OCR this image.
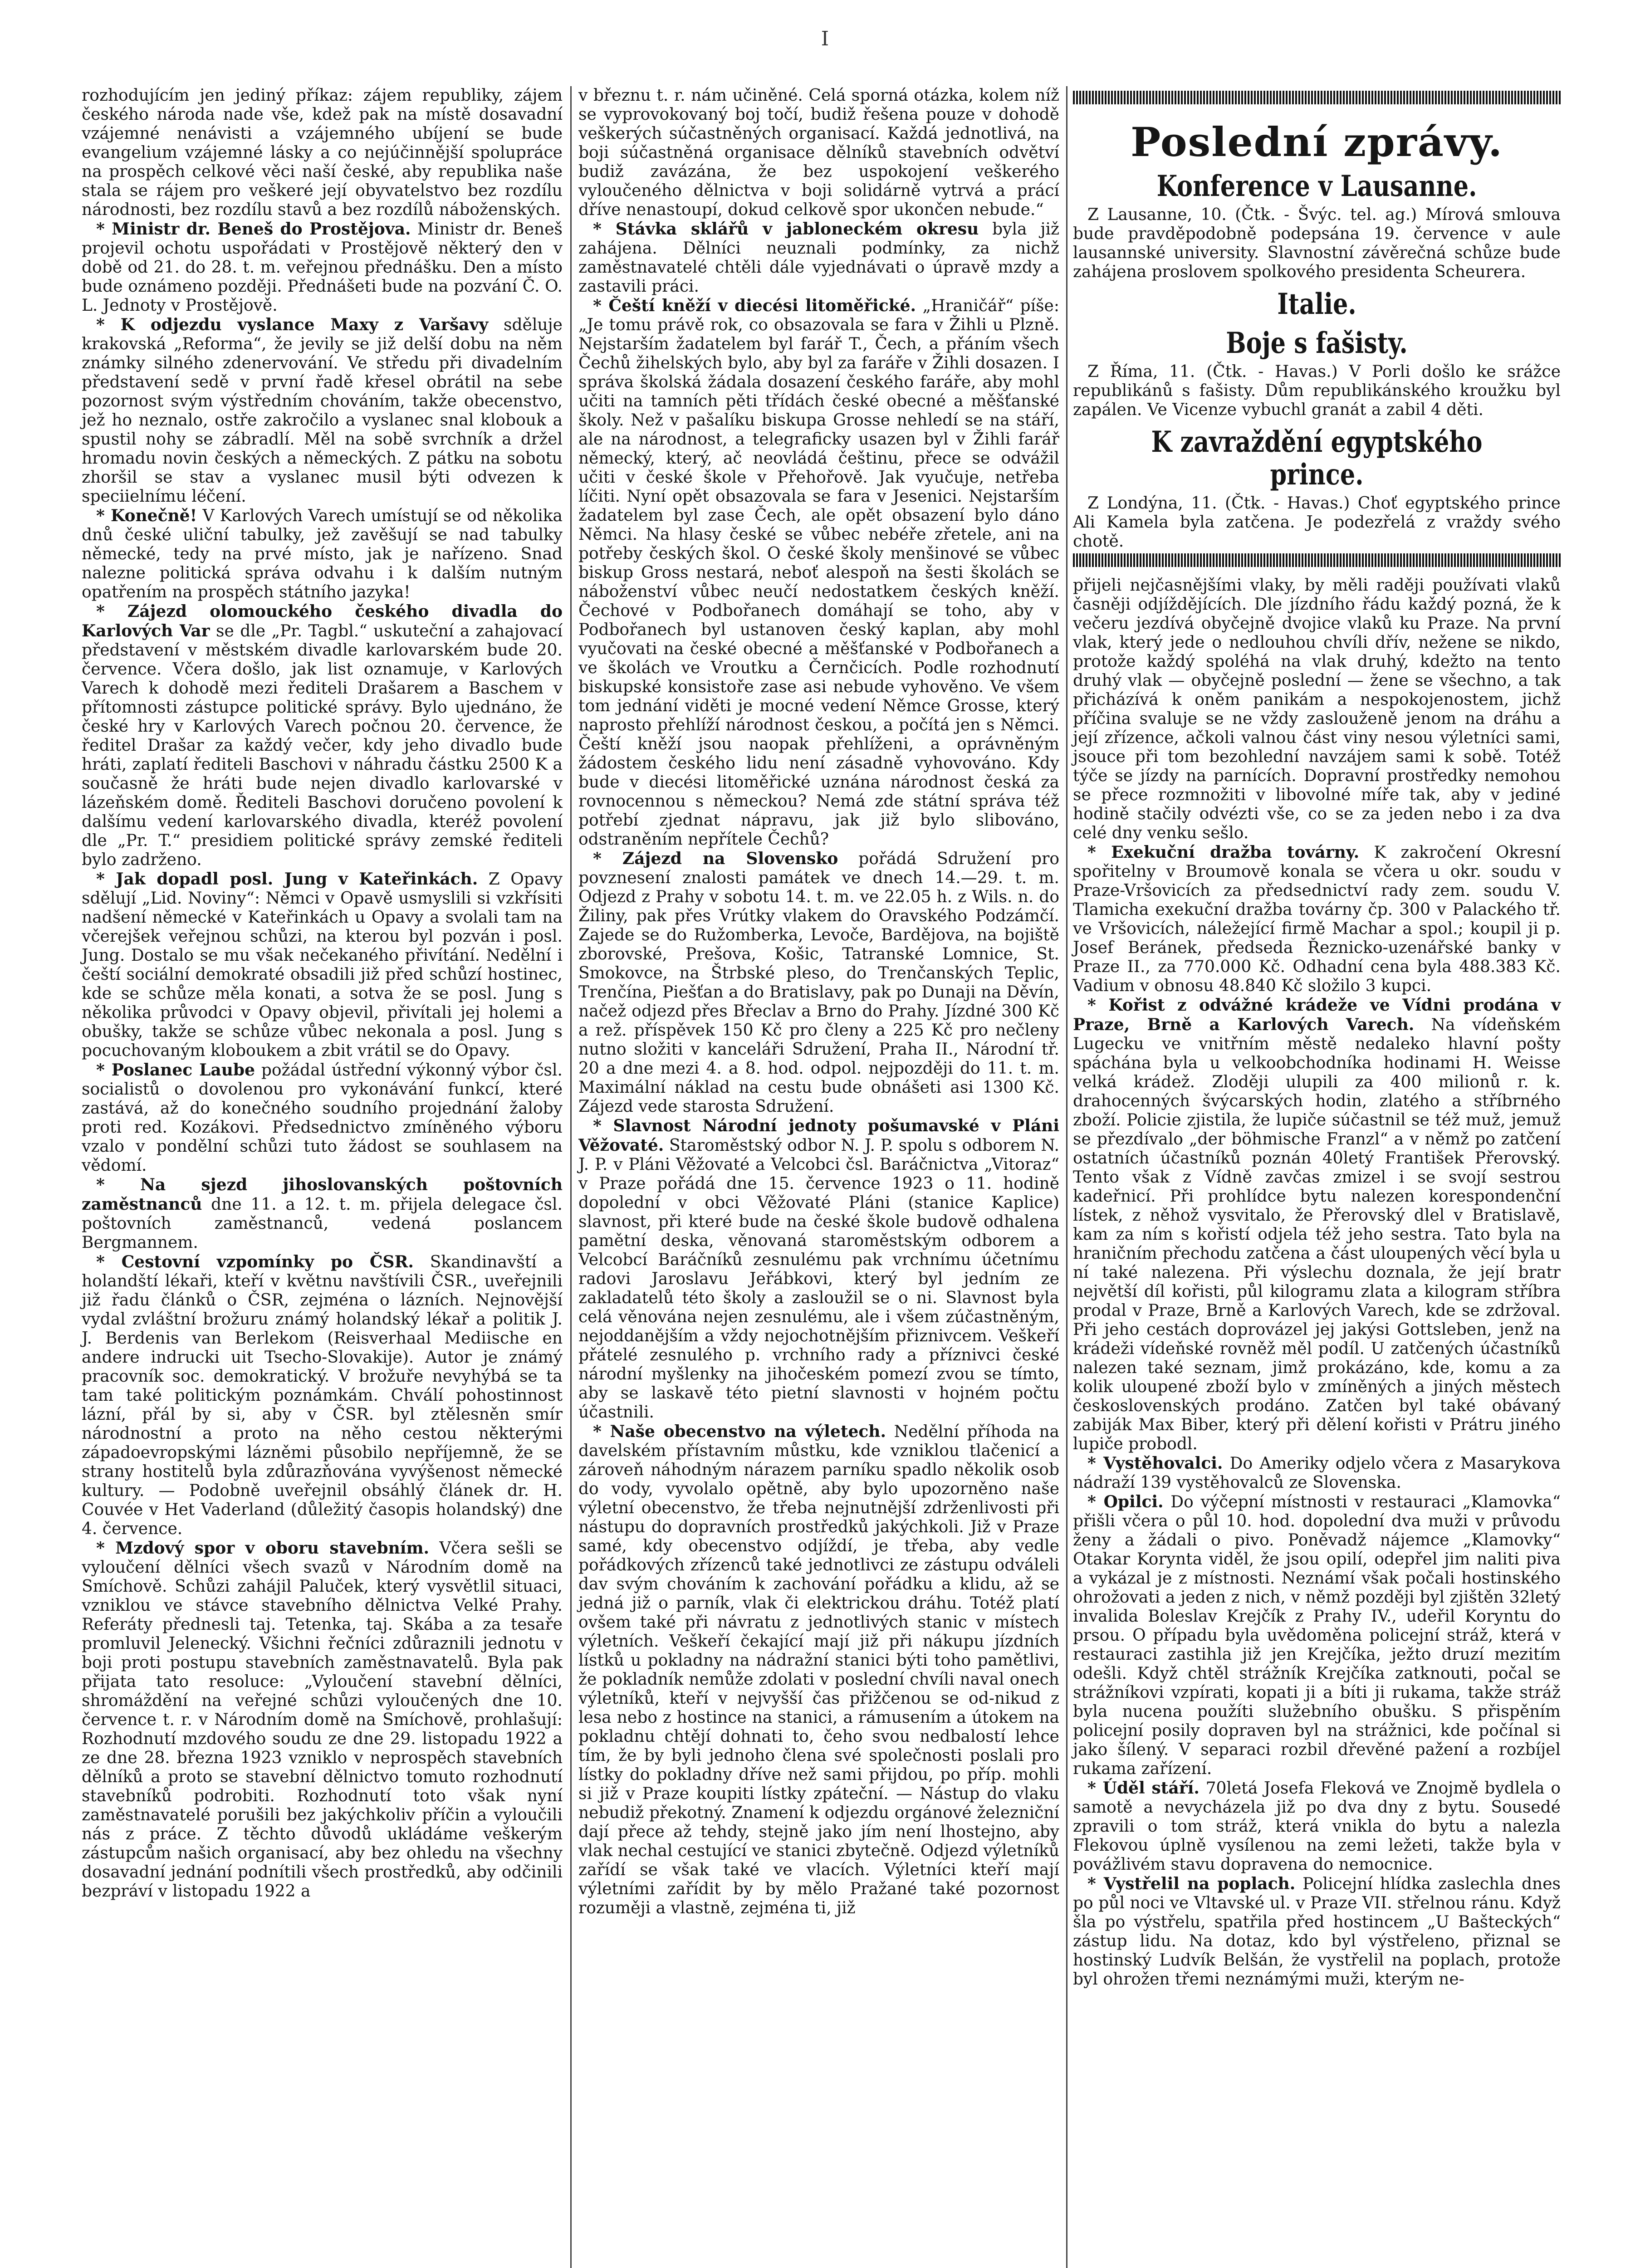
I

rozhodujícím jen jediný příkaz: zájem republiky, zájem českého národa nade vše, kdež pak na místě dosavadní vzájemné nenávisti a vzájemného ubíjení se bude evangelium vzájemné lásky a co nejúčinnější spolupráce na prospěch celkové věci naší české, aby republika naše stala se rájem pro veškeré její obyvatelstvo bez rozdílu národnosti, bez rozdílu stavů a bez rozdílů náboženských.

* Ministr dr. Beneš do Prostějova. Ministr dr. Beneš projevil ochotu uspořádati v Prostějově některý den v době od 21. do 28. t. m. veřejnou přednášku. Den a místo bude oznámeno později. Přednášeti bude na pozvání Č. O. L. Jednoty v Prostějově.

* K odjezdu vyslance Maxy z Varšavy sděluje krakovská „Reforma“, že jevily se již delší dobu na něm známky silného zdenervování. Ve středu při divadelním představení sedě v první řadě křesel obrátil na sebe pozornost svým výstředním chováním, takže obecenstvo, jež ho neznalo, ostře zakročilo a vyslanec snal klobouk a spustil nohy se zábradlí. Měl na sobě svrchník a držel hromadu novin českých a německých. Z pátku na sobotu zhoršil se stav a vyslanec musil býti odvezen k speciielnímu léčení.

* Konečně! V Karlových Varech umístují se od několika dnů české uliční tabulky, jež zavěšují se nad tabulky německé, tedy na prvé místo, jak je nařízeno. Snad nalezne politická správa odvahu i k dalším nutným opatřením na prospěch státního jazyka!

* Zájezd olomouckého českého divadla do Karlových Var se dle „Pr. Tagbl.“ uskuteční a zahajovací představení v městském divadle karlovarském bude 20. července. Včera došlo, jak list oznamuje, v Karlových Varech k dohodě mezi řediteli Drašarem a Baschem v přítomnosti zástupce politické správy. Bylo ujednáno, že české hry v Karlových Varech počnou 20. července, že ředitel Drašar za každý večer, kdy jeho divadlo bude hráti, zaplatí řediteli Baschovi v náhradu částku 2500 K a současně že hráti bude nejen divadlo karlovarské v lázeňském domě. Řediteli Baschovi doručeno povolení k dalšímu vedení karlovarského divadla, kteréž povolení dle „Pr. T.“ presidiem politické správy zemské řediteli bylo zadrženo.

* Jak dopadl posl. Jung v Kateřinkách. Z Opavy sdělují „Lid. Noviny“: Němci v Opavě usmyslili si vzkřísiti nadšení německé v Kateřinkách u Opavy a svolali tam na včerejšek veřejnou schůzi, na kterou byl pozván i posl. Jung. Dostalo se mu však nečekaného přivítání. Nedělní i čeští sociální demokraté obsadili již před schůzí hostinec, kde se schůze měla konati, a sotva že se posl. Jung s několika průvodci v Opavy objevil, přivítali jej holemi a obušky, takže se schůze vůbec nekonala a posl. Jung s pocuchovaným kloboukem a zbit vrátil se do Opavy.

* Poslanec Laube požádal ústřední výkonný výbor čsl. socialistů o dovolenou pro vykonávání funkcí, které zastává, až do konečného soudního projednání žaloby proti red. Kozákovi. Předsednictvo zmíněného výboru vzalo v pondělní schůzi tuto žádost se souhlasem na vědomí.

* Na sjezd jihoslovanských poštovních zaměstnanců dne 11. a 12. t. m. přijela delegace čsl. poštovních zaměstnanců, vedená poslancem Bergmannem.

* Cestovní vzpomínky po ČSR. Skandinavští a holandští lékaři, kteří v květnu navštívili ČSR., uveřejnili již řadu článků o ČSR, zejména o lázních. Nejnovější vydal zvláštní brožuru známý holandský lékař a politik J. J. Berdenis van Berlekom (Reisverhaal Mediische en andere indrucki uit Tsecho-Slovakije). Autor je známý pracovník soc. demokratický. V brožuře nevyhýbá se ta tam také politickým poznámkám. Chválí pohostinnost lázní, přál by si, aby v ČSR. byl ztělesněn smír národnostní a proto na něho cestou některými západoevropskými lázněmi působilo nepříjemně, že se strany hostitelů byla zdůrazňována vyvýšenost německé kultury. — Podobně uveřejnil obsáhlý článek dr. H. Couvée v Het Vaderland (důležitý časopis holandský) dne 4. července.

* Mzdový spor v oboru stavebním. Včera sešli se vyloučení dělníci všech svazů v Národním domě na Smíchově. Schůzi zahájil Paluček, který vysvětlil situaci, vzniklou ve stávce stavebního dělnictva Velké Prahy. Referáty přednesli taj. Tetenka, taj. Skába a za tesaře promluvil Jelenecký. Všichni řečníci zdůraznili jednotu v boji proti postupu stavebních zaměstnavatelů. Byla pak přijata tato resoluce: „Vyloučení stavební dělníci, shromáždění na veřejné schůzi vyloučených dne 10. července t. r. v Národním domě na Smíchově, prohlašují: Rozhodnutí mzdového soudu ze dne 29. listopadu 1922 a ze dne 28. března 1923 vzniklo v neprospěch stavebních dělníků a proto se stavební dělnictvo tomuto rozhodnutí stavebníků podrobiti. Rozhodnutí toto však nyní zaměstnavatelé porušili bez jakýchkoliv příčin a vyloučili nás z práce. Z těchto důvodů ukládáme veškerým zástupcům našich organisací, aby bez ohledu na všechny dosavadní jednání podnítili všech prostředků, aby odčinili bezpráví v listopadu 1922 a

v březnu t. r. nám učiněné. Celá sporná otázka, kolem níž se vyprovokovaný boj točí, budiž řešena pouze v dohodě veškerých súčastněných organisací. Každá jednotlivá, na boji súčastněná organisace dělníků stavebních odvětví budiž zavázána, že bez uspokojení veškerého vyloučeného dělnictva v boji solidárně vytrvá a prácí dříve nenastoupí, dokud celkově spor ukončen nebude.“

* Stávka sklářů v jabloneckém okresu byla již zahájena. Dělníci neuznali podmínky, za nichž zaměstnavatelé chtěli dále vyjednávati o úpravě mzdy a zastavili práci.

* Čeští kněží v diecési litoměřické. „Hraničář“ píše: „Je tomu právě rok, co obsazovala se fara v Žihli u Plzně. Nejstarším žadatelem byl farář T., Čech, a přáním všech Čechů žihelských bylo, aby byl za faráře v Žihli dosazen. I správa školská žádala dosazení českého faráře, aby mohl učiti na tamních pěti třídách české obecné a měšťanské školy. Než v pašalíku biskupa Grosse nehledí se na stáří, ale na národnost, a telegraficky usazen byl v Žihli farář německý, který, ač neovládá češtinu, přece se odvážil učiti v české škole v Přehořově. Jak vyučuje, netřeba líčiti. Nyní opět obsazovala se fara v Jesenici. Nejstarším žadatelem byl zase Čech, ale opět obsazení bylo dáno Němci. Na hlasy české se vůbec nebéře zřetele, ani na potřeby českých škol. O české školy menšinové se vůbec biskup Gross nestará, neboť alespoň na šesti školách se náboženství vůbec neučí nedostatkem českých kněží. Čechové v Podbořanech domáhají se toho, aby v Podbořanech byl ustanoven český kaplan, aby mohl vyučovati na české obecné a měšťanské v Podbořanech a ve školách ve Vroutku a Černčicích. Podle rozhodnutí biskupské konsistoře zase asi nebude vyhověno. Ve všem tom jednání viděti je mocné vedení Němce Grosse, který naprosto přehlíží národnost českou, a počítá jen s Němci. Čeští kněží jsou naopak přehlíženi, a oprávněným žádostem českého lidu není zásadně vyhovováno. Kdy bude v diecési litoměřické uznána národnost česká za rovnocennou s německou? Nemá zde státní správa též potřebí zjednat nápravu, jak již bylo slibováno, odstraněním nepřítele Čechů?

* Zájezd na Slovensko pořádá Sdružení pro povznesení znalosti památek ve dnech 14.—29. t. m. Odjezd z Prahy v sobotu 14. t. m. ve 22.05 h. z Wils. n. do Žiliny, pak přes Vrútky vlakem do Oravského Podzámčí. Zajede se do Ružomberka, Levoče, Bardějova, na bojiště zborovské, Prešova, Košic, Tatranské Lomnice, St. Smokovce, na Štrbské pleso, do Trenčanských Teplic, Trenčína, Piešťan a do Bratislavy, pak po Dunaji na Děvín, načež odjezd přes Břeclav a Brno do Prahy. Jízdné 300 Kč a rež. příspěvek 150 Kč pro členy a 225 Kč pro nečleny nutno složiti v kanceláři Sdružení, Praha II., Národní tř. 20 a dne mezi 4. a 8. hod. odpol. nejpozději do 11. t. m. Maximální náklad na cestu bude obnášeti asi 1300 Kč. Zájezd vede starosta Sdružení.

* Slavnost Národní jednoty pošumavské v Pláni Věžovaté. Staroměstský odbor N. J. P. spolu s odborem N. J. P. v Pláni Věžovaté a Velcobci čsl. Baráčnictva „Vitoraz“ v Praze pořádá dne 15. července 1923 o 11. hodině dopolední v obci Věžovaté Pláni (stanice Kaplice) slavnost, při které bude na české škole budově odhalena pamětní deska, věnovaná staroměstským odborem a Velcobcí Baráčníků zesnulému pak vrchnímu účetnímu radovi Jaroslavu Jeřábkovi, který byl jedním ze zakladatelů této školy a zasloužil se o ni. Slavnost byla celá věnována nejen zesnulému, ale i všem zúčastněným, nejoddanějším a vždy nejochotnějším přiznivcem. Veškeří přátelé zesnulého p. vrchního rady a příznivci české národní myšlenky na jihočeském pomezí zvou se tímto, aby se laskavě této pietní slavnosti v hojném počtu účastnili.

* Naše obecenstvo na výletech. Nedělní příhoda na davelském přístavním můstku, kde vzniklou tlačenicí a zároveň náhodným nárazem parníku spadlo několik osob do vody, vyvolalo opětně, aby bylo upozorněno naše výletní obecenstvo, že třeba nejnutnější zdrženlivosti při nástupu do dopravních prostředků jakýchkoli. Již v Praze samé, kdy obecenstvo odjíždí, je třeba, aby vedle pořádkových zřízenců také jednotlivci ze zástupu odváleli dav svým chováním k zachování pořádku a klidu, až se jedná již o parník, vlak či elektrickou dráhu. Totéž platí ovšem také při návratu z jednotlivých stanic v místech výletních. Veškeří čekající mají již při nákupu jízdních lístků u pokladny na nádražní stanici býti toho pamětlivi, že pokladník nemůže zdolati v poslední chvíli naval onech výletníků, kteří v nejvyšší čas přižčenou se od-nikud z lesa nebo z hostince na stanici, a rámusením a útokem na pokladnu chtějí dohnati to, čeho svou nedbalostí lehce tím, že by byli jednoho člena své společnosti poslali pro lístky do pokladny dříve než sami přijdou, po příp. mohli si již v Praze koupiti lístky zpáteční. — Nástup do vlaku nebudiž překotný. Znamení k odjezdu orgánové železniční dají přece až tehdy, stejně jako jím není lhostejno, aby vlak nechal cestující ve stanici zbytečně. Odjezd výletníků zařídí se však také ve vlacích. Výletníci kteří mají výletními zařídit by by mělo Pražané také pozornost rozuměji a vlastně, zejména ti, již

Poslední zprávy.
Konference v Lausanne.

Z Lausanne, 10. (Čtk. - Švýc. tel. ag.) Mírová smlouva bude pravděpodobně podepsána 19. července v aule lausannské university. Slavnostní závěrečná schůze bude zahájena proslovem spolkového presidenta Scheurera.

Italie.
Boje s fašisty.

Z Říma, 11. (Čtk. - Havas.) V Porli došlo ke srážce republikánů s fašisty. Dům republikánského kroužku byl zapálen. Ve Vicenze vybuchl granát a zabil 4 děti.

K zavraždění egyptského prince.

Z Londýna, 11. (Čtk. - Havas.) Choť egyptského prince Ali Kamela byla zatčena. Je podezřelá z vraždy svého chotě.

přijeli nejčasnějšími vlaky, by měli raději používati vlaků časněji odjíždějících. Dle jízdního řádu každý pozná, že k večeru jezdívá obyčejně dvojice vlaků ku Praze. Na první vlak, který jede o nedlouhou chvíli dřív, nežene se nikdo, protože každý spoléhá na vlak druhý, kdežto na tento druhý vlak — obyčejně poslední — žene se všechno, a tak přicházívá k oněm panikám a nespokojenostem, jichž příčina svaluje se ne vždy zaslouženě jenom na dráhu a její zřízence, ačkoli valnou část viny nesou výletníci sami, jsouce při tom bezohlední navzájem sami k sobě. Totéž týče se jízdy na parnících. Dopravní prostředky nemohou se přece rozmnožiti v libovolné míře tak, aby v jediné hodině stačily odvézti vše, co se za jeden nebo i za dva celé dny venku sešlo.

* Exekuční dražba továrny. K zakročení Okresní spořitelny v Broumově konala se včera u okr. soudu v Praze-Vršovicích za předsednictví rady zem. soudu V. Tlamicha exekuční dražba továrny čp. 300 v Palackého tř. ve Vršovicích, náležející firmě Machar a spol.; koupil ji p. Josef Beránek, předseda Řeznicko-uzenářské banky v Praze II., za 770.000 Kč. Odhadní cena byla 488.383 Kč. Vadium v obnosu 48.840 Kč složilo 3 kupci.

* Kořist z odvážné krádeže ve Vídni prodána v Praze, Brně a Karlových Varech. Na vídeňském Lugecku ve vnitřním městě nedaleko hlavní pošty spáchána byla u velkoobchodníka hodinami H. Weisse velká krádež. Zloději ulupili za 400 milionů r. k. drahocenných švýcarských hodin, zlatého a stříbrného zboží. Policie zjistila, že lupiče súčastnil se též muž, jemuž se přezdívalo „der böhmische Franzl“ a v němž po zatčení ostatních účastníků poznán 40letý František Přerovský. Tento však z Vídně zavčas zmizel i se svojí sestrou kadeřnicí. Při prohlídce bytu nalezen korespondenční lístek, z něhož vysvitalo, že Přerovský dlel v Bratislavě, kam za ním s kořistí odjela též jeho sestra. Tato byla na hraničním přechodu zatčena a část uloupených věcí byla u ní také nalezena. Při výslechu doznala, že její bratr největší díl kořisti, půl kilogramu zlata a kilogram stříbra prodal v Praze, Brně a Karlových Varech, kde se zdržoval. Při jeho cestách doprovázel jej jakýsi Gottsleben, jenž na krádeži vídeňské rovněž měl podíl. U zatčených účastníků nalezen také seznam, jimž prokázáno, kde, komu a za kolik uloupené zboží bylo v zmíněných a jiných městech československých prodáno. Zatčen byl také obávaný zabiják Max Biber, který při dělení kořisti v Prátru jiného lupiče probodl.

* Vystěhovalci. Do Ameriky odjelo včera z Masarykova nádraží 139 vystěhovalců ze Slovenska.

* Opilci. Do výčepní místnosti v restauraci „Klamovka“ přišli včera o půl 10. hod. dopolední dva muži v průvodu ženy a žádali o pivo. Poněvadž nájemce „Klamovky“ Otakar Korynta viděl, že jsou opilí, odepřel jim naliti piva a vykázal je z místnosti. Neznámí však počali hostinského ohrožovati a jeden z nich, v němž později byl zjištěn 32letý invalida Boleslav Krejčík z Prahy IV., udeřil Koryntu do prsou. O případu byla uvědoměna policejní stráž, která v restauraci zastihla již jen Krejčíka, ježto druzí mezitím odešli. Když chtěl strážník Krejčíka zatknouti, počal se strážníkovi vzpírati, kopati ji a bíti ji rukama, takže stráž byla nucena použíti služebního obušku. S přispěním policejní posily dopraven byl na strážnici, kde počínal si jako šílený. V separaci rozbil dřevěné pažení a rozbíjel rukama zařízení.

* Úděl stáří. 70letá Josefa Fleková ve Znojmě bydlela o samotě a nevycházela již po dva dny z bytu. Sousedé zpravili o tom stráž, která vnikla do bytu a nalezla Flekovou úplně vysílenou na zemi ležeti, takže byla v povážlivém stavu dopravena do nemocnice.

* Vystřelil na poplach. Policejní hlídka zaslechla dnes po půl noci ve Vltavské ul. v Praze VII. střelnou ránu. Když šla po výstřelu, spatřila před hostincem „U Bašteckých“ zástup lidu. Na dotaz, kdo byl výstřeleno, přiznal se hostinský Ludvík Belšán, že vystřelil na poplach, protože byl ohrožen třemi neznámými muži, kterým ne-
